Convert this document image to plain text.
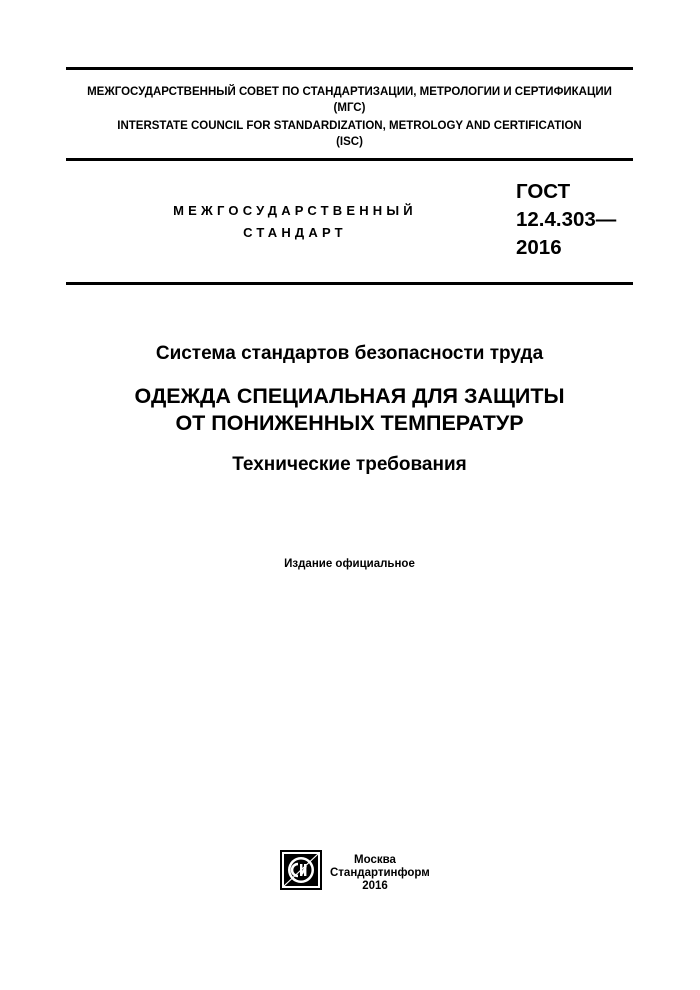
МЕЖГОСУДАРСТВЕННЫЙ СОВЕТ ПО СТАНДАРТИЗАЦИИ, МЕТРОЛОГИИ И СЕРТИФИКАЦИИ
(МГС)
INTERSTATE COUNCIL FOR STANDARDIZATION, METROLOGY AND CERTIFICATION
(ISC)
МЕЖГОСУДАРСТВЕННЫЙ
СТАНДАРТ
ГОСТ
12.4.303—
2016
Система стандартов безопасности труда
ОДЕЖДА СПЕЦИАЛЬНАЯ ДЛЯ ЗАЩИТЫ
ОТ ПОНИЖЕННЫХ ТЕМПЕРАТУР
Технические требования
Издание официальное
Москва
Стандартинформ
2016
